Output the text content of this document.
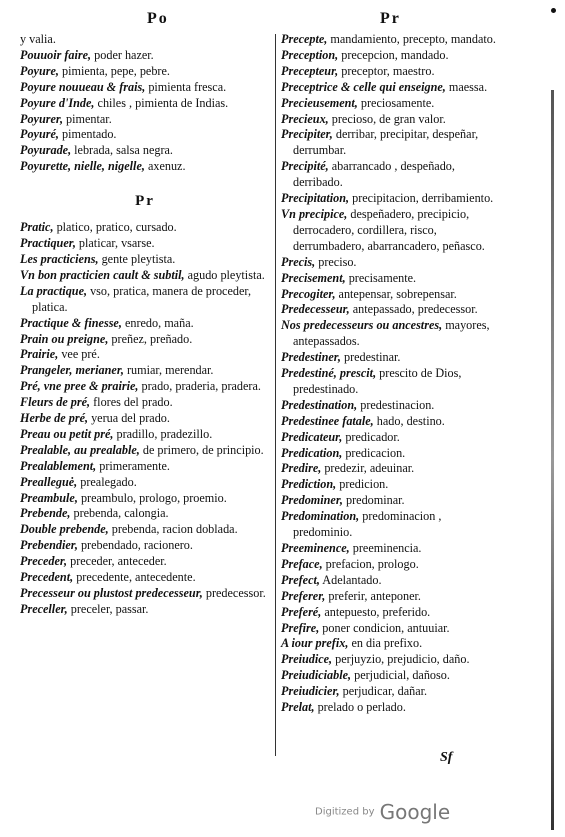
Po	Pr

y valia.

Pouuoir faire, poder hazer.

Poyure, pimienta, pepe, pebre.

Poyure nouueau & frais, pimienta fresca.

Poyure d'Inde, chiles , pimienta de Indias.

Poyurer, pimentar.

Poyuré, pimentado.

Poyurade, lebrada, salsa negra.

Poyurette, nielle, nigelle, axenuz.

Pr

Pratic, platico, pratico, cursado.

Practiquer, platicar, vsarse.

Les practiciens, gente pleytista.

Vn bon practicien cault & subtil, agudo pleytista.

La practique, vso, pratica, manera de proceder, platica.

Practique & finesse, enredo, maña.

Prain ou preigne, preñez, preñado.

Prairie, vee pré.

Prangeler, merianer, rumiar, merendar.

Pré, vne pree & prairie, prado, praderia, pradera.

Fleurs de pré, flores del prado.

Herbe de pré, yerua del prado.

Preau ou petit pré, pradillo, pradezillo.

Prealable, au prealable, de primero, de principio.

Prealablement, primeramente.

Prealleguė, prealegado.

Preambule, preambulo, prologo, proemio.

Prebende, prebenda, calongia.

Double prebende, prebenda, racion doblada.

Prebendier, prebendado, racionero.

Preceder, preceder, anteceder.

Precedent, precedente, antecedente.

Precesseur ou plustost predecesseur, predecessor.

Preceller, preceler, passar.

Precepte, mandamiento, precepto, mandato.

Preception, precepcion, mandado.

Precepteur, preceptor, maestro.

Preceptrice & celle qui enseigne, maessa.

Precieusement, preciosamente.

Precieux, precioso, de gran valor.

Precipiter, derribar, precipitar, despeñar, derrumbar.

Precipité, abarrancado , despeñado, derribado.

Precipitation, precipitacion, derribamiento.

Vn precipice, despeñadero, precipicio, derrocadero, cordillera, risco, derrumbadero, abarrancadero, peñasco.

Precis, preciso.

Precisement, precisamente.

Precogiter, antepensar, sobrepensar.

Predecesseur, antepassado, predecessor.

Nos predecesseurs ou ancestres, mayores, antepassados.

Predestiner, predestinar.

Predestiné, prescit, prescito de Dios, predestinado.

Predestination, predestinacion.

Predestinee fatale, hado, destino.

Predicateur, predicador.

Predication, predicacion.

Predire, predezir, adeuinar.

Prediction, predicion.

Predominer, predominar.

Predomination, predominacion , predominio.

Preeminence, preeminencia.

Preface, prefacion, prologo.

Prefect, Adelantado.

Preferer, preferir, anteponer.

Preferé, antepuesto, preferido.

Prefire, poner condicion, antuuiar.

A iour prefix, en dia prefixo.

Preiudice, perjuyzio, prejudicio, daño.

Preiudiciable, perjudicial, dañoso.

Preiudicier, perjudicar, dañar.

Prelat, prelado o perlado.

Sf
Digitized by Google
